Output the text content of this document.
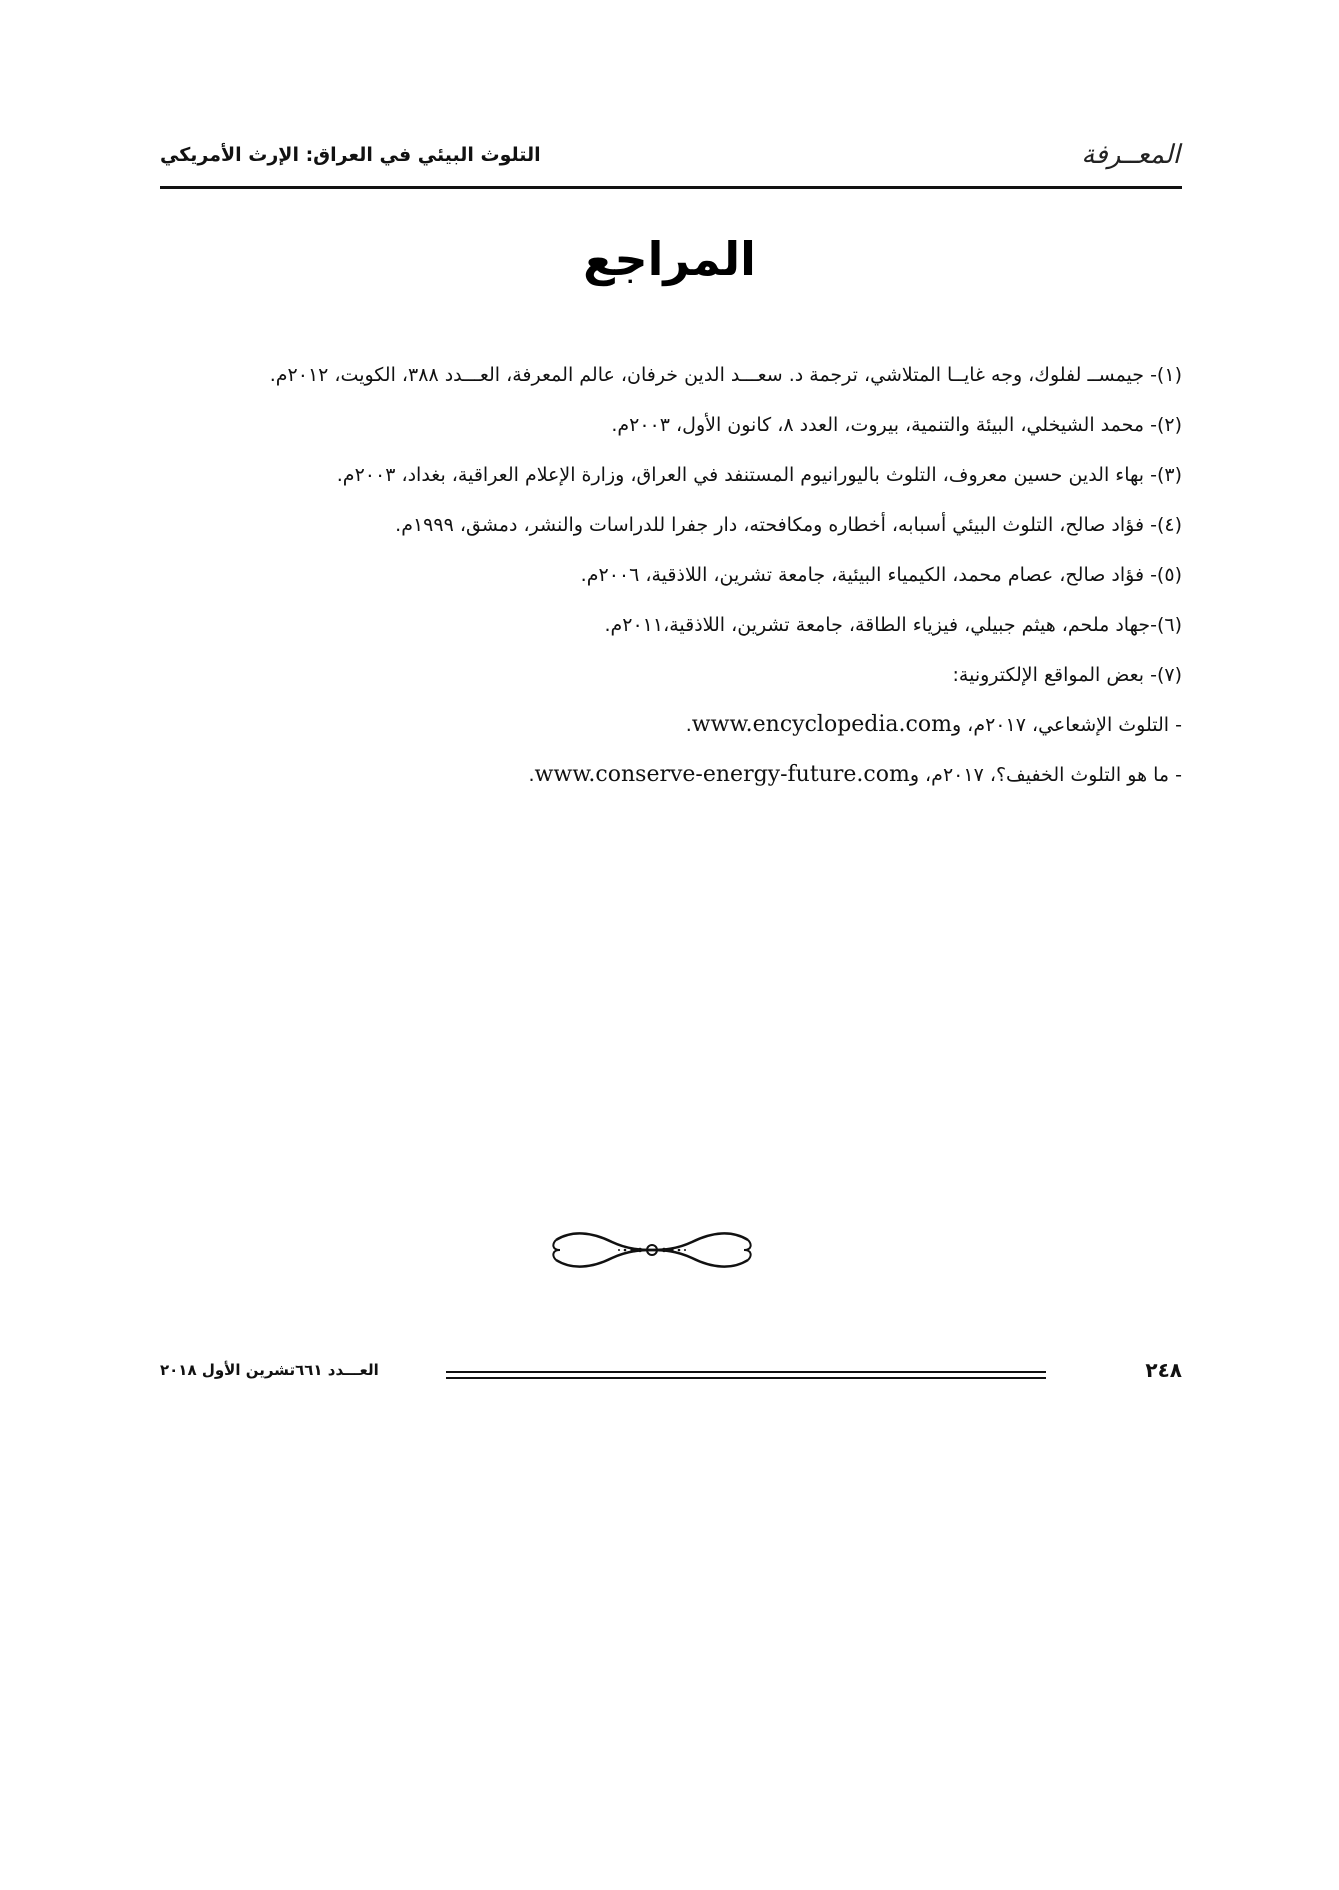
المعــرفة
التلوث البيئي في العراق: الإرث الأمريكي
المراجع
(١)- جيمســ لفلوك، وجه غايــا المتلاشي، ترجمة د. سعـــد الدين خرفان، عالم المعرفة، العـــدد ٣٨٨، الكويت، ٢٠١٢م.
(٢)- محمد الشيخلي، البيئة والتنمية، بيروت، العدد ٨، كانون الأول، ٢٠٠٣م.
(٣)- بهاء الدين حسين معروف، التلوث باليورانيوم المستنفد في العراق، وزارة الإعلام العراقية، بغداد، ٢٠٠٣م.
(٤)- فؤاد صالح، التلوث البيئي أسبابه، أخطاره ومكافحته، دار جفرا للدراسات والنشر، دمشق، ١٩٩٩م.
(٥)- فؤاد صالح، عصام محمد، الكيمياء البيئية، جامعة تشرين، اللاذقية، ٢٠٠٦م.
(٦)-جهاد ملحم، هيثم جبيلي، فيزياء الطاقة، جامعة تشرين، اللاذقية،٢٠١١م.
(٧)- بعض المواقع الإلكترونية:
- التلوث الإشعاعي، ٢٠١٧م، وwww.encyclopedia.com.
- ما هو التلوث الخفيف؟، ٢٠١٧م، وwww.conserve-energy-future.com.
٢٤٨
العـــدد ٦٦١تشرين الأول ٢٠١٨
